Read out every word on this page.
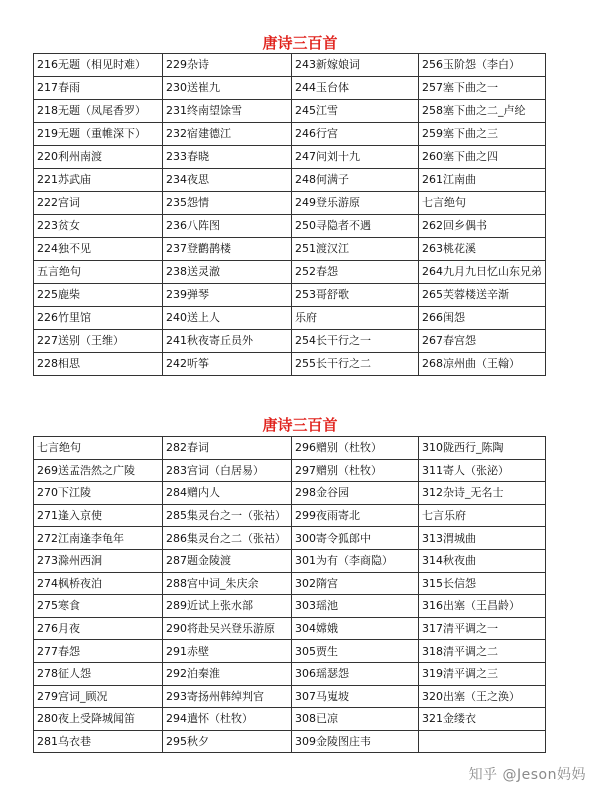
唐诗三百首
216无题（相见时难）	229杂诗	243新嫁娘词	256玉阶怨（李白）
217春雨	230送崔九	244玉台体	257塞下曲之一
218无题（凤尾香罗）	231终南望馀雪	245江雪	258塞下曲之二_卢纶
219无题（重帷深下）	232宿建德江	246行宫	259塞下曲之三
220利州南渡	233春晓	247问刘十九	260塞下曲之四
221苏武庙	234夜思	248何满子	261江南曲
222宫词	235怨情	249登乐游原	七言绝句
223贫女	236八阵图	250寻隐者不遇	262回乡偶书
224独不见	237登鹳鹊楼	251渡汉江	263桃花溪
五言绝句	238送灵澈	252春怨	264九月九日忆山东兄弟
225鹿柴	239弹琴	253哥舒歌	265芙蓉楼送辛渐
226竹里馆	240送上人	乐府	266闺怨
227送别（王维）	241秋夜寄丘员外	254长干行之一	267春宫怨
228相思	242听筝	255长干行之二	268凉州曲（王翰）
唐诗三百首
七言绝句	282春词	296赠别（杜牧）	310陇西行_陈陶
269送孟浩然之广陵	283宫词（白居易）	297赠别（杜牧）	311寄人（张泌）
270下江陵	284赠内人	298金谷园	312杂诗_无名士
271逢入京使	285集灵台之一（张祜）	299夜雨寄北	七言乐府
272江南逢李龟年	286集灵台之二（张祜）	300寄令狐郎中	313渭城曲
273滁州西涧	287题金陵渡	301为有（李商隐）	314秋夜曲
274枫桥夜泊	288宫中词_朱庆余	302隋宫	315长信怨
275寒食	289近试上张水部	303瑶池	316出塞（王昌龄）
276月夜	290将赴吴兴登乐游原	304嫦娥	317清平调之一
277春怨	291赤壁	305贾生	318清平调之二
278征人怨	292泊秦淮	306瑶瑟怨	319清平调之三
279宫词_顾况	293寄扬州韩绰判官	307马嵬坡	320出塞（王之涣）
280夜上受降城闻笛	294遣怀（杜牧）	308已凉	321金缕衣
281乌衣巷	295秋夕	309金陵图庄韦	
知乎 @Jeson妈妈
